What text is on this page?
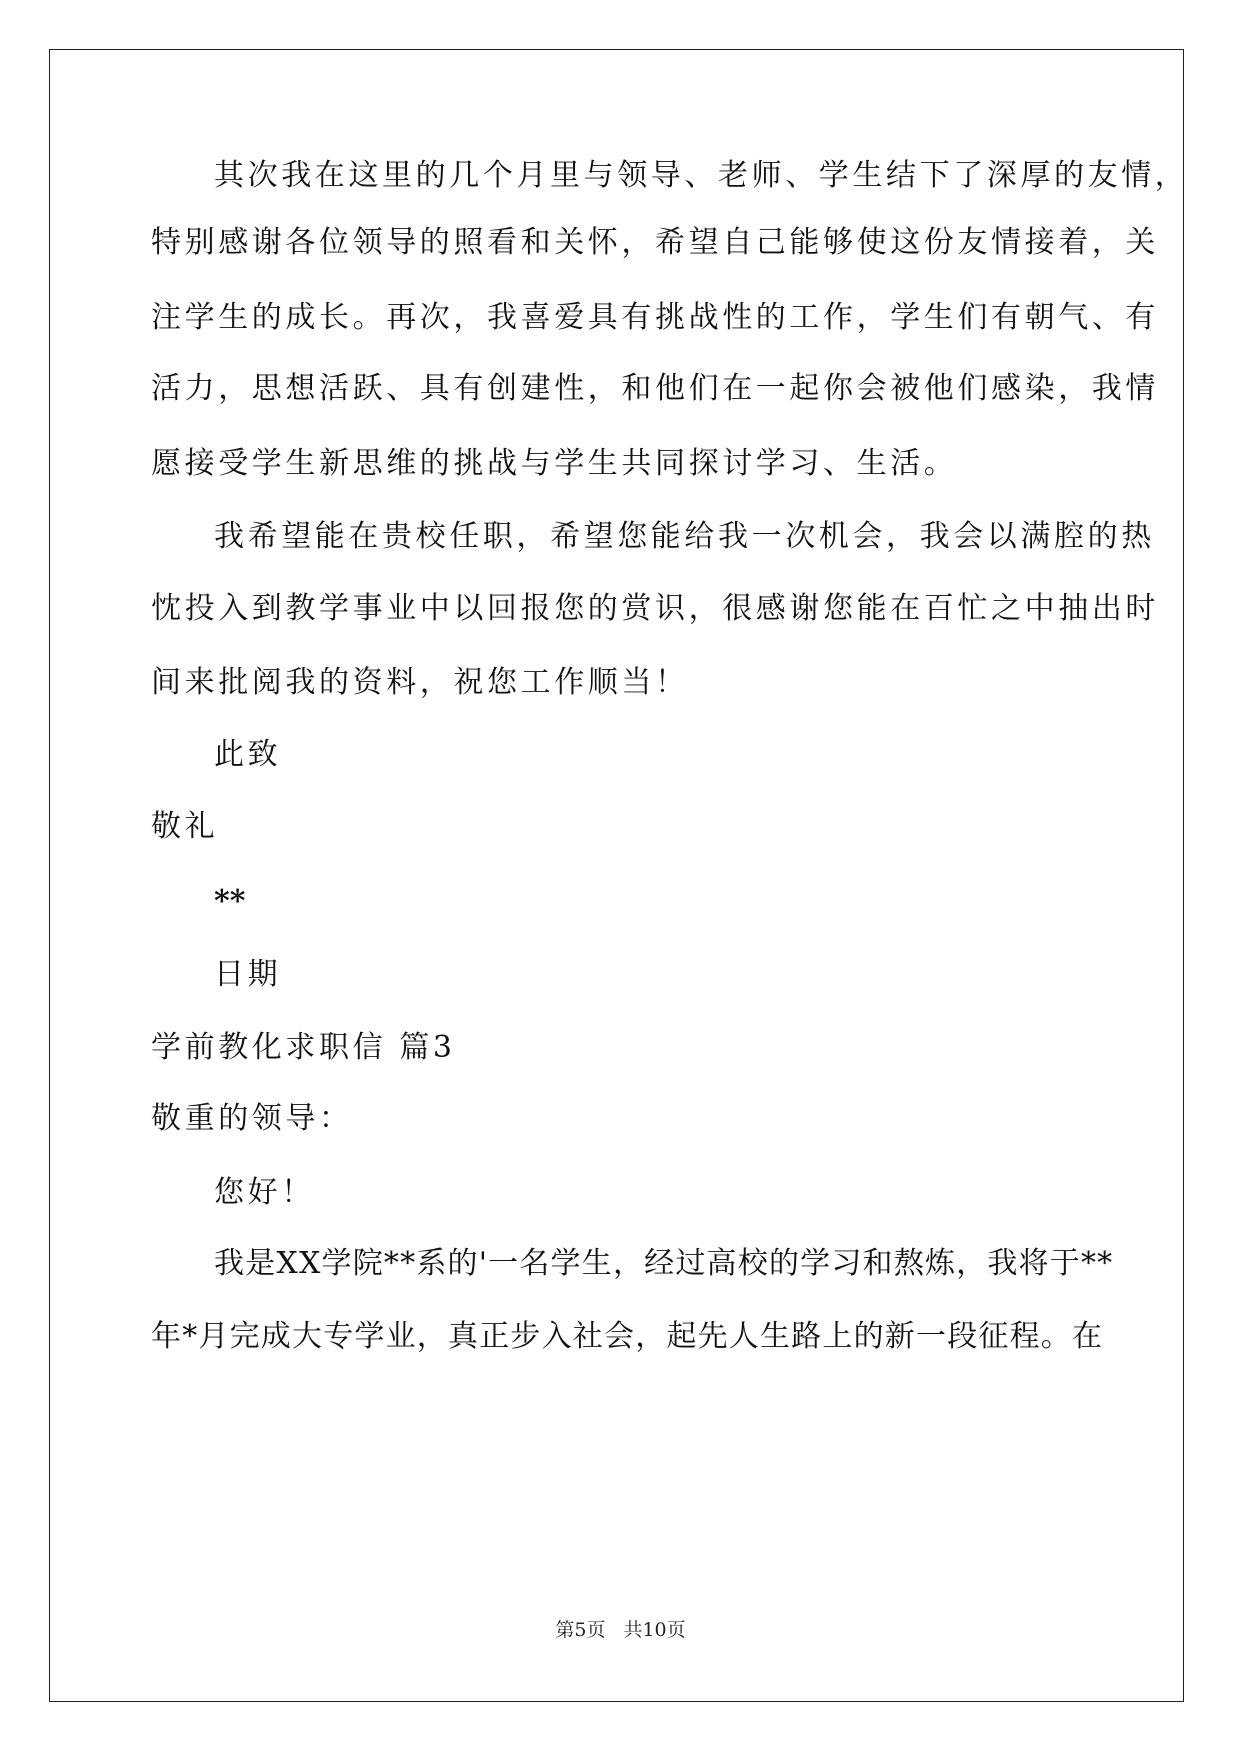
其次我在这里的几个月里与领导、老师、学生结下了深厚的友情，
特别感谢各位领导的照看和关怀，希望自己能够使这份友情接着，关
注学生的成长。再次，我喜爱具有挑战性的工作，学生们有朝气、有
活力，思想活跃、具有创建性，和他们在一起你会被他们感染，我情
愿接受学生新思维的挑战与学生共同探讨学习、生活。
我希望能在贵校任职，希望您能给我一次机会，我会以满腔的热
忱投入到教学事业中以回报您的赏识，很感谢您能在百忙之中抽出时
间来批阅我的资料，祝您工作顺当！
此致
敬礼
**
日期
学前教化求职信 篇3
敬重的领导：
您好！
我是XX学院**系的'一名学生，经过高校的学习和熬炼，我将于**
年*月完成大专学业，真正步入社会，起先人生路上的新一段征程。在
第5页 共10页
